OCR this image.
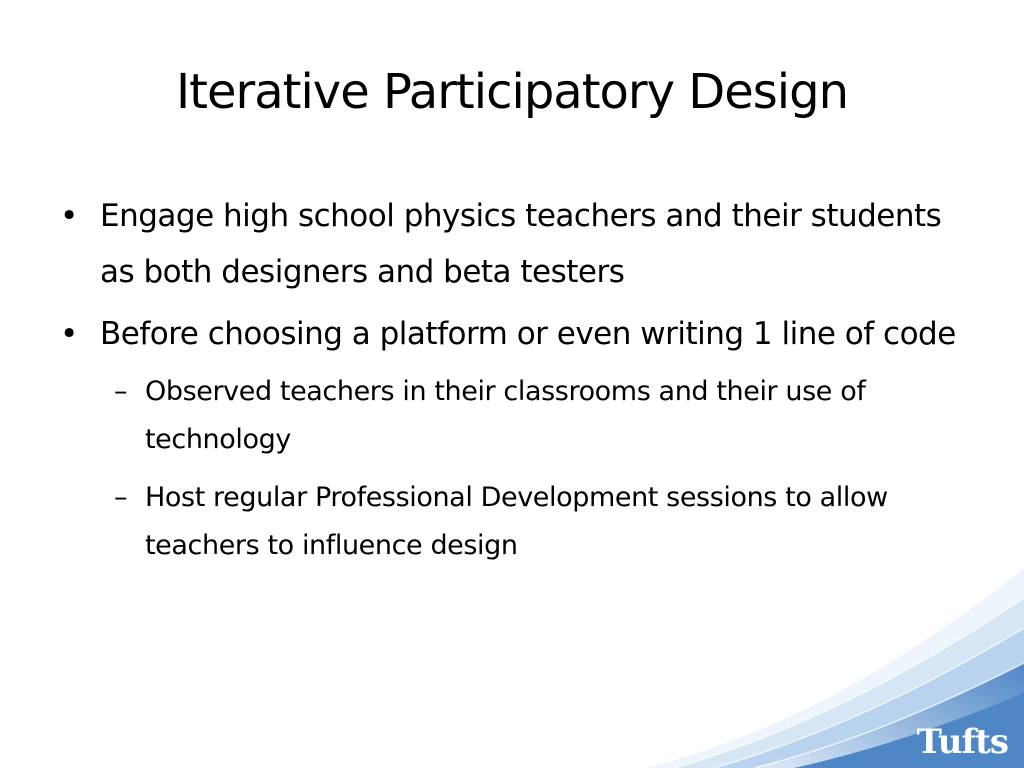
Iterative Participatory Design
• Engage high school physics teachers and their students as both designers and beta testers
• Before choosing a platform or even writing 1 line of code
– Observed teachers in their classrooms and their use of technology
– Host regular Professional Development sessions to allow teachers to influence design
Tufts
